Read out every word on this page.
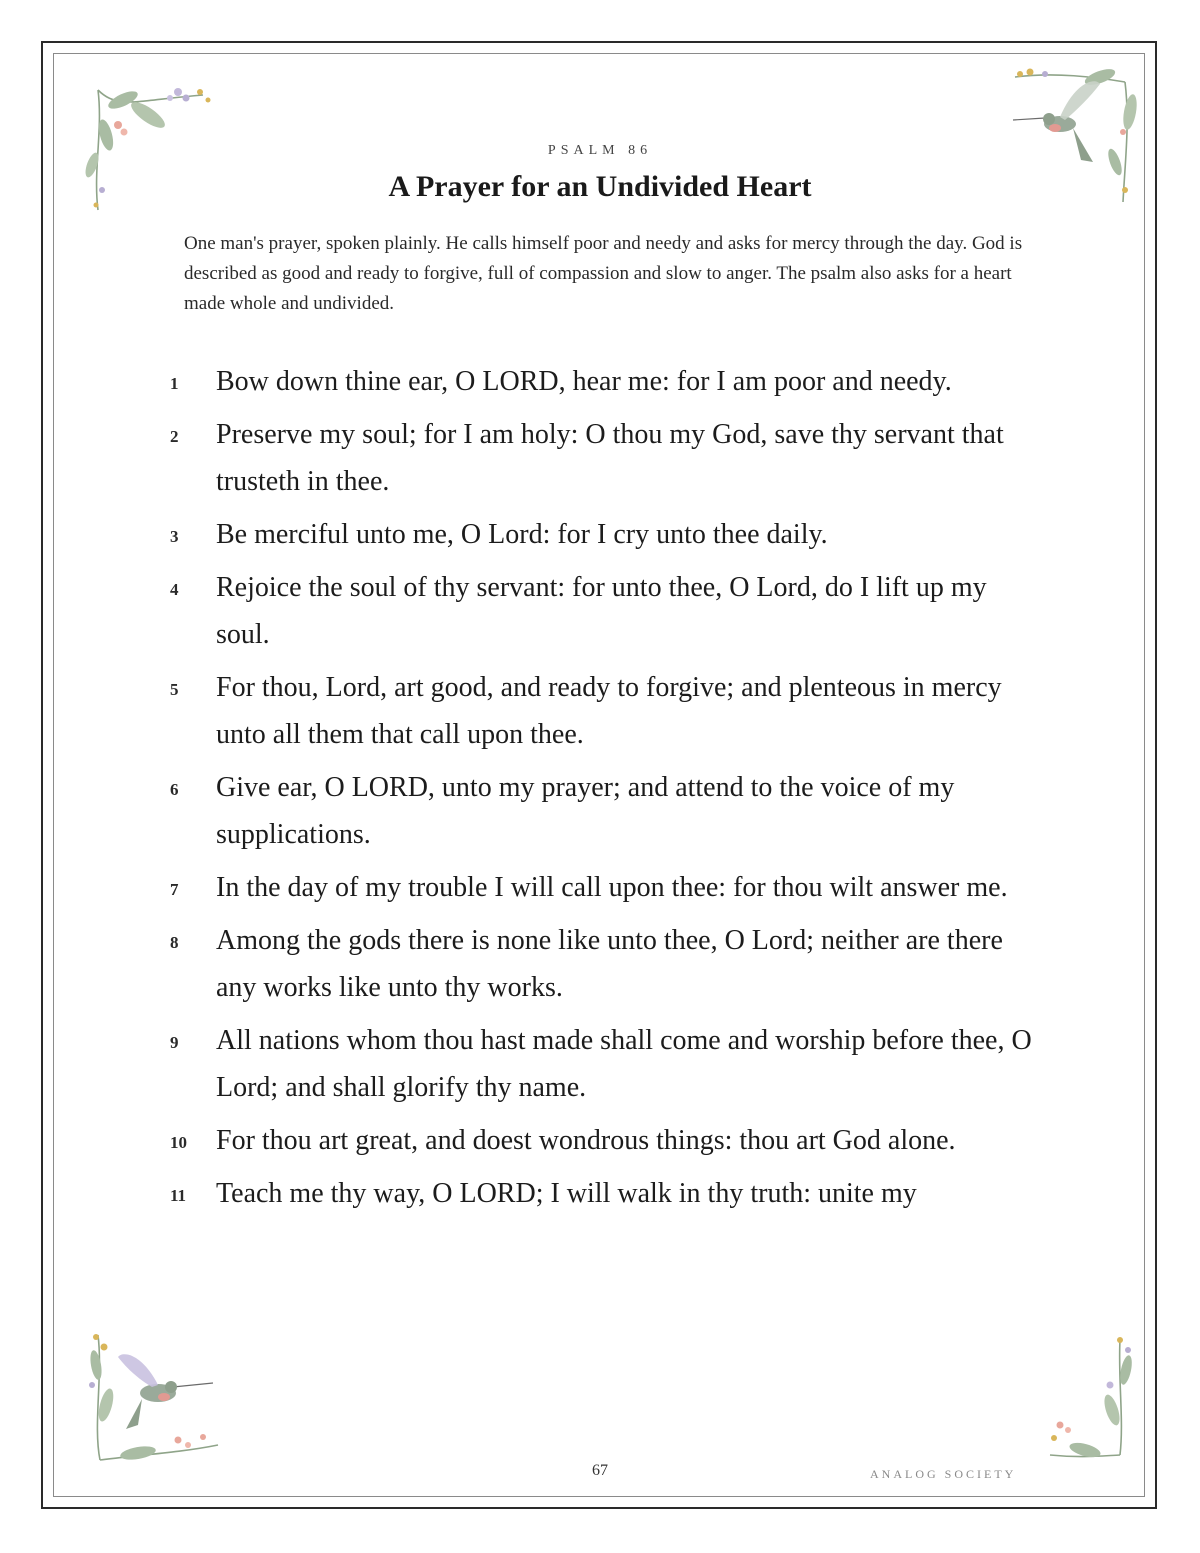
PSALM 86
A Prayer for an Undivided Heart

One man's prayer, spoken plainly. He calls himself poor and needy and asks for mercy through the day. God is described as good and ready to forgive, full of compassion and slow to anger. The psalm also asks for a heart made whole and undivided.

1	Bow down thine ear, O LORD, hear me: for I am poor and needy.
2	Preserve my soul; for I am holy: O thou my God, save thy servant that trusteth in thee.
3	Be merciful unto me, O Lord: for I cry unto thee daily.
4	Rejoice the soul of thy servant: for unto thee, O Lord, do I lift up my soul.
5	For thou, Lord, art good, and ready to forgive; and plenteous in mercy unto all them that call upon thee.
6	Give ear, O LORD, unto my prayer; and attend to the voice of my supplications.
7	In the day of my trouble I will call upon thee: for thou wilt answer me.
8	Among the gods there is none like unto thee, O Lord; neither are there any works like unto thy works.
9	All nations whom thou hast made shall come and worship before thee, O Lord; and shall glorify thy name.
10	For thou art great, and doest wondrous things: thou art God alone.
11	Teach me thy way, O LORD; I will walk in thy truth: unite my
67	ANALOG SOCIETY
